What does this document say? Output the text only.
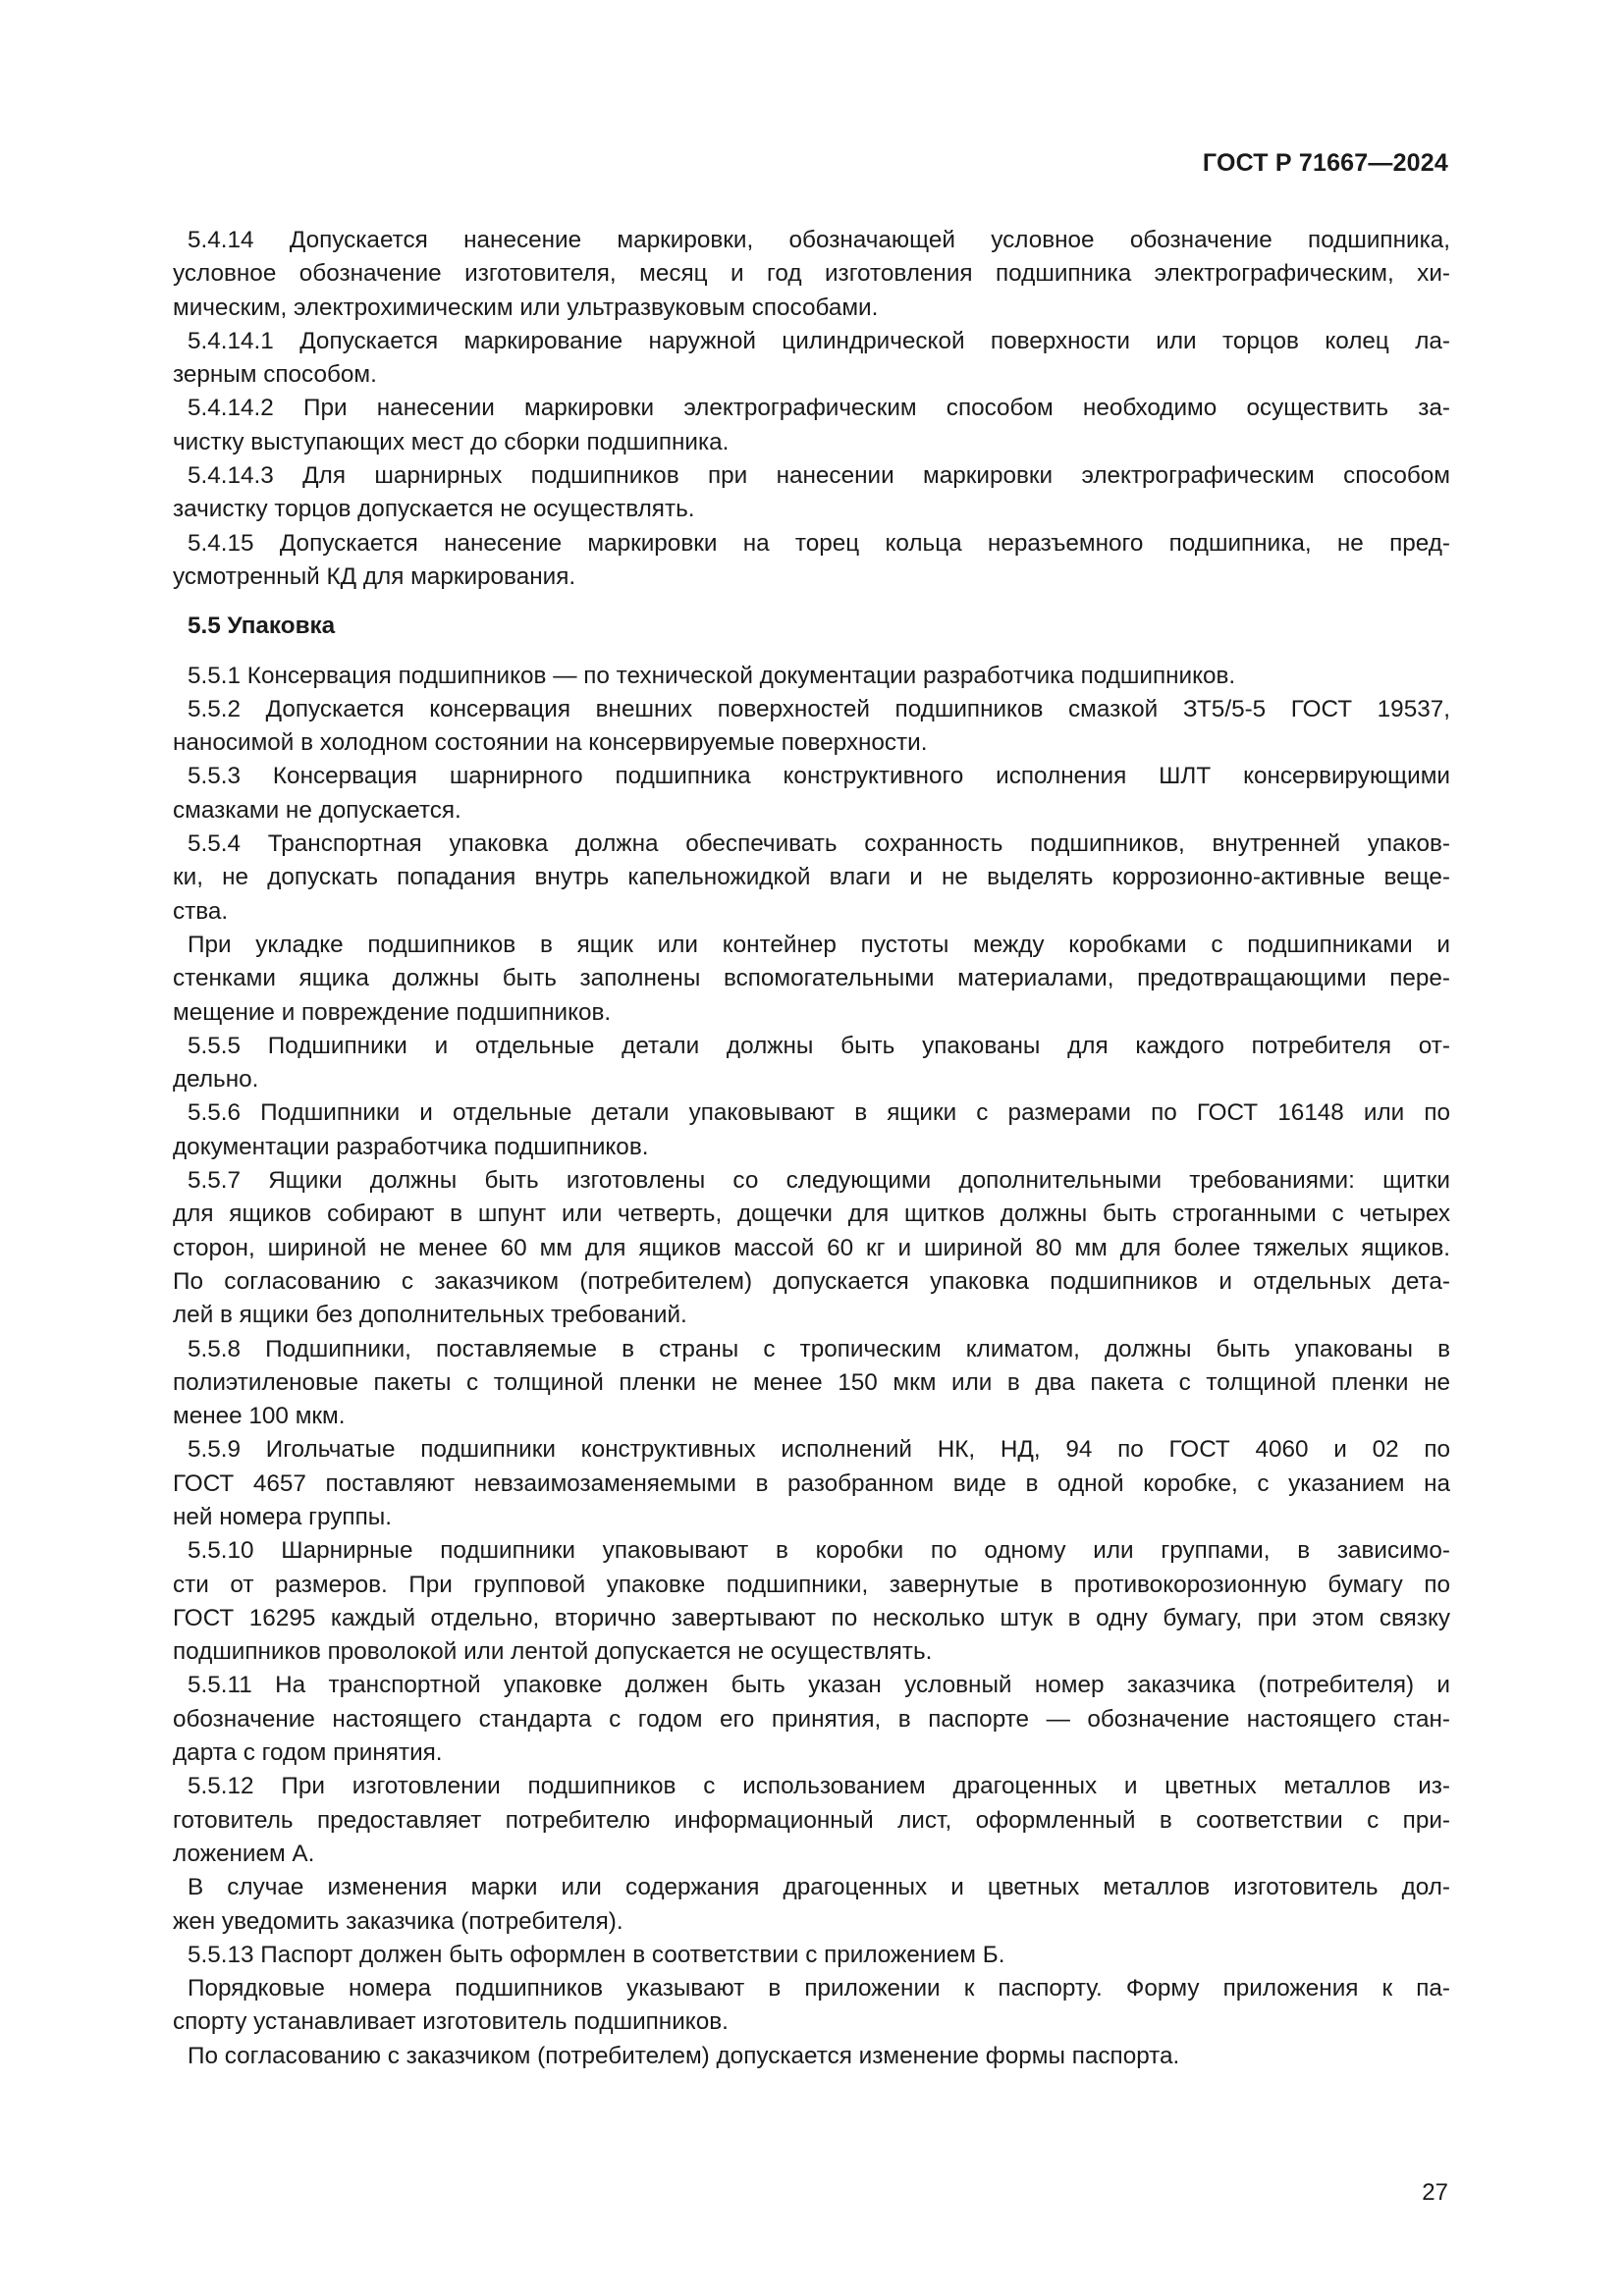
ГОСТ Р 71667—2024
5.4.14 Допускается нанесение маркировки, обозначающей условное обозначение подшипника,
условное обозначение изготовителя, месяц и год изготовления подшипника электрографическим, хи-
мическим, электрохимическим или ультразвуковым способами.
5.4.14.1 Допускается маркирование наружной цилиндрической поверхности или торцов колец ла-
зерным способом.
5.4.14.2 При нанесении маркировки электрографическим способом необходимо осуществить за-
чистку выступающих мест до сборки подшипника.
5.4.14.3 Для шарнирных подшипников при нанесении маркировки электрографическим способом
зачистку торцов допускается не осуществлять.
5.4.15 Допускается нанесение маркировки на торец кольца неразъемного подшипника, не пред-
усмотренный КД для маркирования.
5.5 Упаковка
5.5.1 Консервация подшипников — по технической документации разработчика подшипников.
5.5.2 Допускается консервация внешних поверхностей подшипников смазкой ЗТ5/5-5 ГОСТ 19537,
наносимой в холодном состоянии на консервируемые поверхности.
5.5.3 Консервация шарнирного подшипника конструктивного исполнения ШЛТ консервирующими
смазками не допускается.
5.5.4 Транспортная упаковка должна обеспечивать сохранность подшипников, внутренней упаков-
ки, не допускать попадания внутрь капельножидкой влаги и не выделять коррозионно-активные веще-
ства.
При укладке подшипников в ящик или контейнер пустоты между коробками с подшипниками и
стенками ящика должны быть заполнены вспомогательными материалами, предотвращающими пере-
мещение и повреждение подшипников.
5.5.5 Подшипники и отдельные детали должны быть упакованы для каждого потребителя от-
дельно.
5.5.6 Подшипники и отдельные детали упаковывают в ящики с размерами по ГОСТ 16148 или по
документации разработчика подшипников.
5.5.7 Ящики должны быть изготовлены со следующими дополнительными требованиями: щитки
для ящиков собирают в шпунт или четверть, дощечки для щитков должны быть строганными с четырех
сторон, шириной не менее 60 мм для ящиков массой 60 кг и шириной 80 мм для более тяжелых ящиков.
По согласованию с заказчиком (потребителем) допускается упаковка подшипников и отдельных дета-
лей в ящики без дополнительных требований.
5.5.8 Подшипники, поставляемые в страны с тропическим климатом, должны быть упакованы в
полиэтиленовые пакеты с толщиной пленки не менее 150 мкм или в два пакета с толщиной пленки не
менее 100 мкм.
5.5.9 Игольчатые подшипники конструктивных исполнений НК, НД, 94 по ГОСТ 4060 и 02 по
ГОСТ 4657 поставляют невзаимозаменяемыми в разобранном виде в одной коробке, с указанием на
ней номера группы.
5.5.10 Шарнирные подшипники упаковывают в коробки по одному или группами, в зависимо-
сти от размеров. При групповой упаковке подшипники, завернутые в противокорозионную бумагу по
ГОСТ 16295 каждый отдельно, вторично завертывают по несколько штук в одну бумагу, при этом связку
подшипников проволокой или лентой допускается не осуществлять.
5.5.11 На транспортной упаковке должен быть указан условный номер заказчика (потребителя) и
обозначение настоящего стандарта с годом его принятия, в паспорте — обозначение настоящего стан-
дарта с годом принятия.
5.5.12 При изготовлении подшипников с использованием драгоценных и цветных металлов из-
готовитель предоставляет потребителю информационный лист, оформленный в соответствии с при-
ложением А.
В случае изменения марки или содержания драгоценных и цветных металлов изготовитель дол-
жен уведомить заказчика (потребителя).
5.5.13 Паспорт должен быть оформлен в соответствии с приложением Б.
Порядковые номера подшипников указывают в приложении к паспорту. Форму приложения к па-
спорту устанавливает изготовитель подшипников.
По согласованию с заказчиком (потребителем) допускается изменение формы паспорта.
27
